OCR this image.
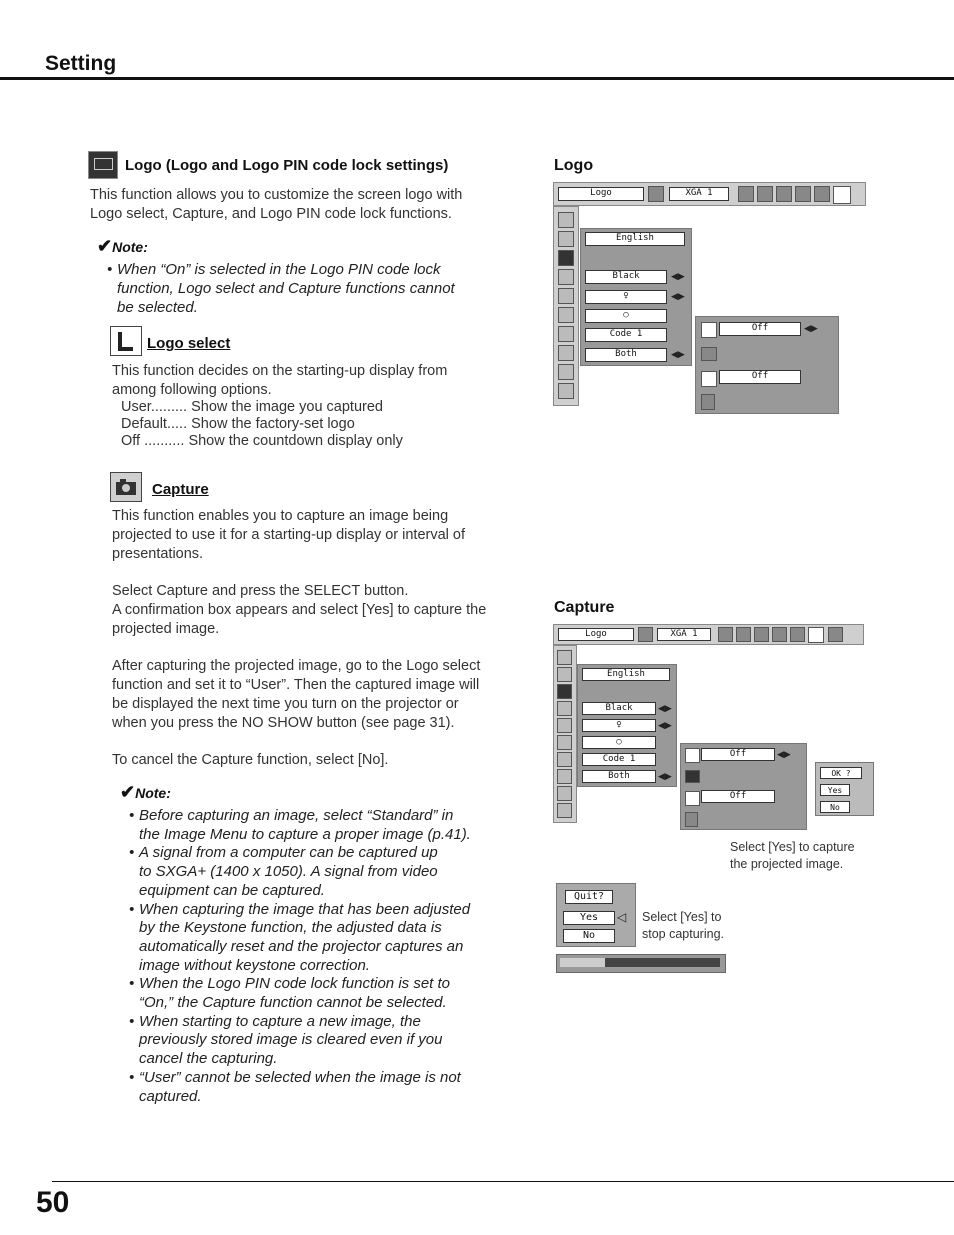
Setting
Logo (Logo and Logo PIN code lock settings)
This function allows you to customize the screen logo with
Logo select, Capture, and Logo PIN code lock functions.
✔Note:
• When “On” is selected in the Logo PIN code lock
function, Logo select and Capture functions cannot
be selected.
Logo select
This function decides on the starting-up display from
among following options.
User......... Show the image you captured
Default..... Show the factory-set logo
Off .......... Show the countdown display only
Capture
This function enables you to capture an image being
projected to use it for a starting-up display or interval of
presentations.
Select Capture and press the SELECT button.
A confirmation box appears and select [Yes] to capture the
projected image.
After capturing the projected image, go to the Logo select
function and set it to “User”. Then the captured image will
be displayed the next time you turn on the projector or
when you press the NO SHOW button (see page 31).
To cancel the Capture function, select [No].
✔Note:
• Before capturing an image, select “Standard” in
the Image Menu to capture a proper image (p.41).
• A signal from a computer can be captured up
to SXGA+ (1400 x 1050). A signal from video
equipment can be captured.
• When capturing the image that has been adjusted
by the Keystone function, the adjusted data is
automatically reset and the projector captures an
image without keystone correction.
• When the Logo PIN code lock function is set to
“On,” the Capture function cannot be selected.
• When starting to capture a new image, the
previously stored image is cleared even if you
cancel the capturing.
• “User” cannot be selected when the image is not
captured.
Logo
Logo	XGA 1
English
Black	◀▶
♀	◀▶
○
Code 1
Both	◀▶
Off	◀▶
Off
Capture
Logo	XGA 1
English
Black	◀▶
♀	◀▶
○
Code 1
Both	◀▶
Off	◀▶
Off
OK ?
Yes
No
Select [Yes] to capture
the projected image.
Quit?
Yes
No
◁ Select [Yes] to
stop capturing.
50
